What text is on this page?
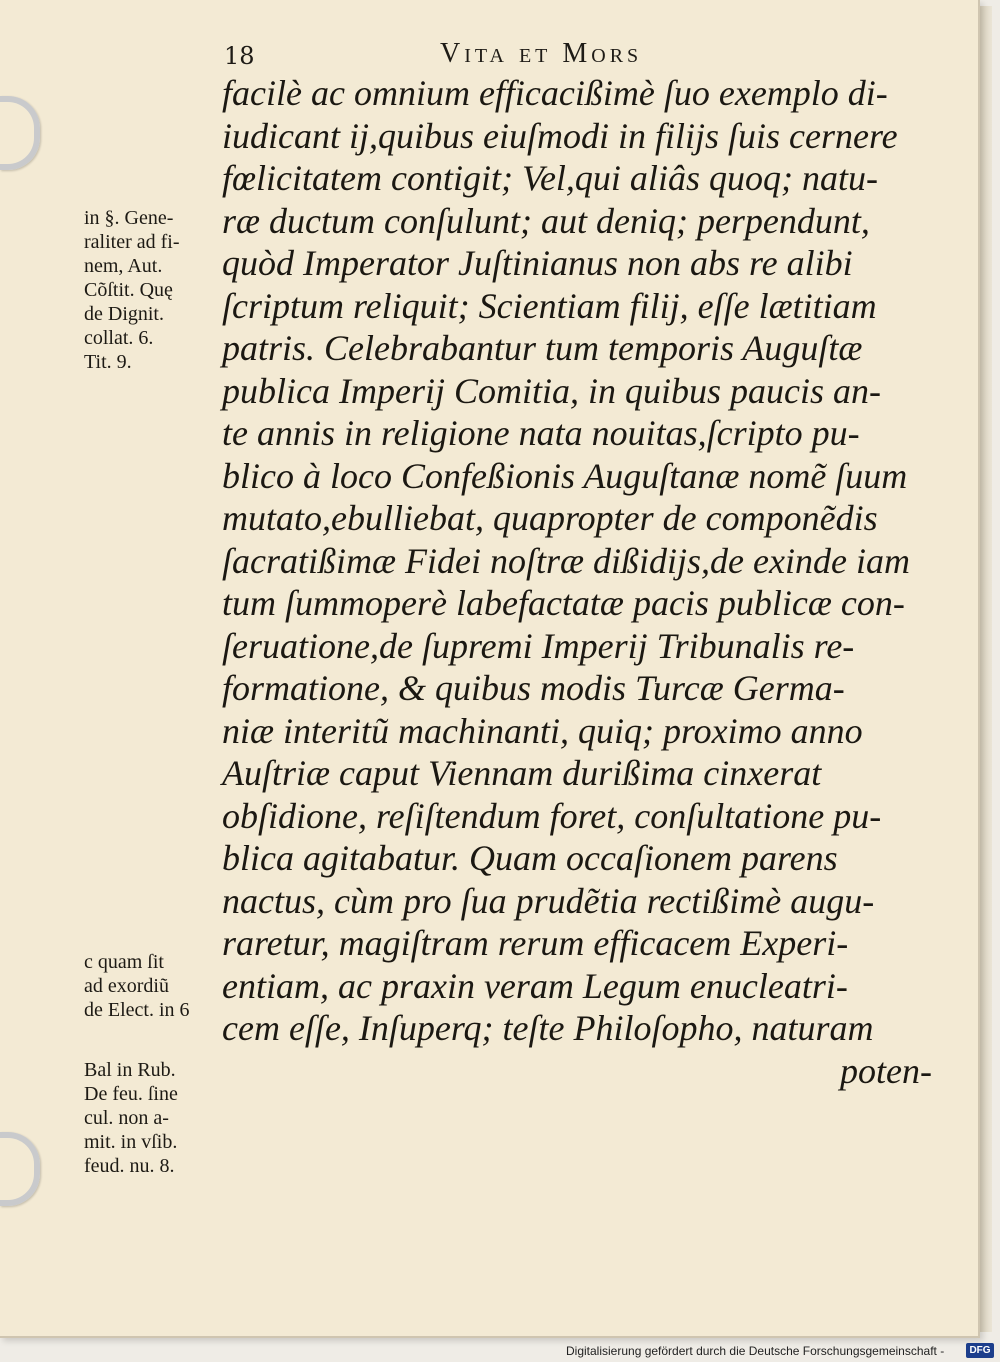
18	Vita et Mors
facilè ac omnium efficacißimè ſuo exemplo di-
iudicant ij,quibus eiuſmodi in filijs ſuis cernere
fœlicitatem contigit; Vel,qui aliâs quoq; natu-
ræ ductum conſulunt; aut deniq; perpendunt,
quòd Imperator Juſtinianus non abs re alibi
ſcriptum reliquit; Scientiam filij, eſſe lætitiam
patris. Celebrabantur tum temporis Auguſtæ
publica Imperij Comitia, in quibus paucis an-
te annis in religione nata nouitas,ſcripto pu-
blico à loco Confeßionis Auguſtanæ nomẽ ſuum
mutato,ebulliebat, quapropter de componẽdis
ſacratißimæ Fidei noſtræ dißidijs,de exinde iam
tum ſummoperè labefactatæ pacis publicæ con-
ſeruatione,de ſupremi Imperij Tribunalis re-
formatione, & quibus modis Turcæ Germa-
niæ interitũ machinanti, quiq; proximo anno
Auſtriæ caput Viennam durißima cinxerat
obſidione, reſiſtendum foret, conſultatione pu-
blica agitabatur. Quam occaſionem parens
nactus, cùm pro ſua prudẽtia rectißimè augu-
raretur, magiſtram rerum efficacem Experi-
entiam, ac praxin veram Legum enucleatri-
cem eſſe, Inſuperq; teſte Philoſopho, naturam
poten-
in §. Gene-
raliter ad fi-
nem, Aut.
Cõſtit. Quę
de Dignit.
collat. 6.
Tit. 9.
c quam ſit
ad exordiũ
de Elect. in 6
Bal in Rub.
De feu. ſine
cul. non a-
mit. in vſib.
feud. nu. 8.
Digitalisierung gefördert durch die Deutsche Forschungsgemeinschaft -	DFG
